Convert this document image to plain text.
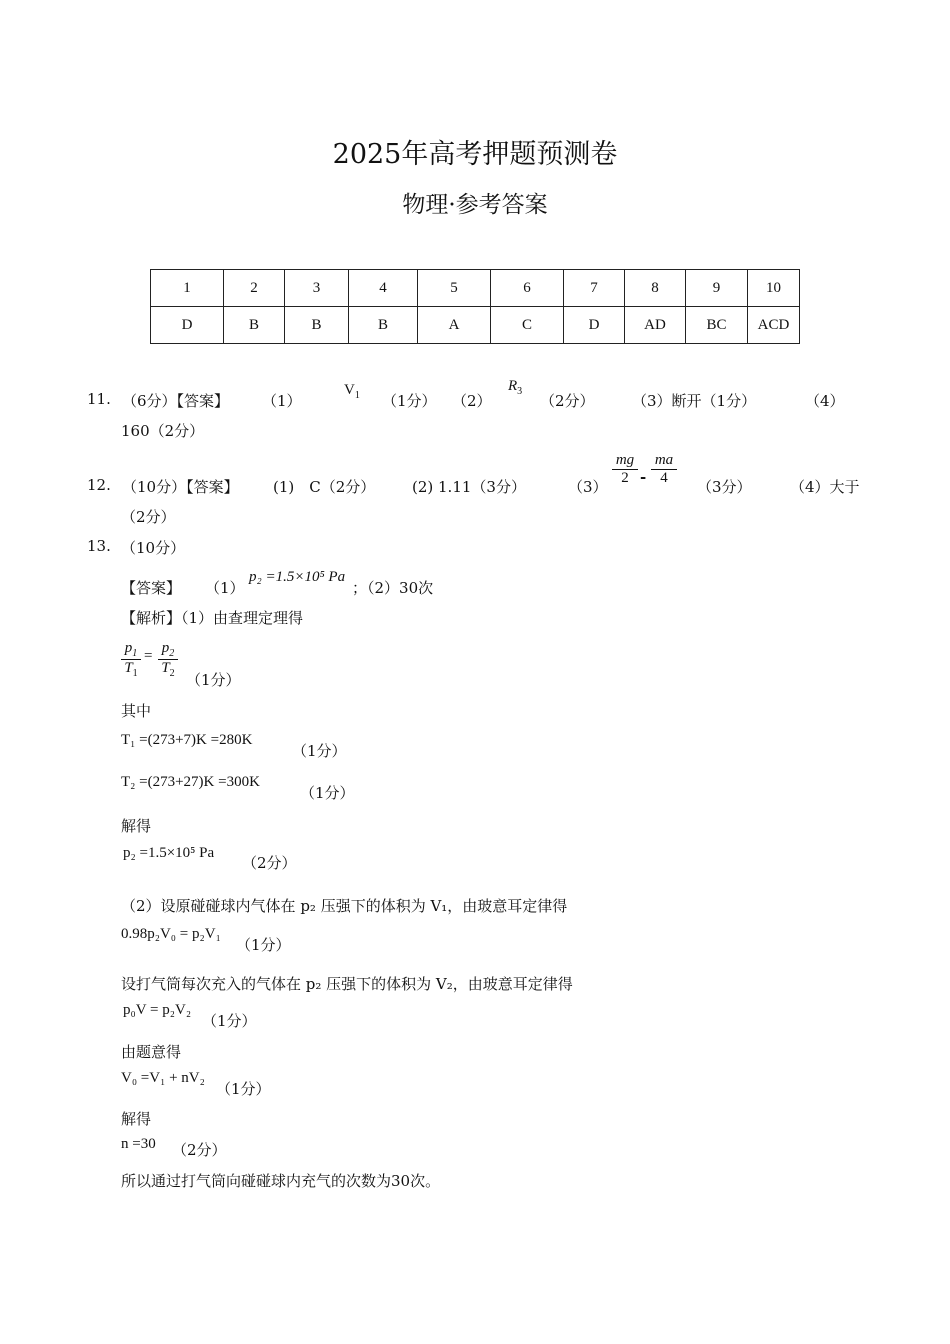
2025年高考押题预测卷
物理·参考答案
1	2	3	4	5	6	7	8	9	10
D	B	B	B	A	C	D	AD	BC	ACD
11. （6分）【答案】 （1）
$V_1$ （1分） （2）
$R_3$
（2分） （3）断开（1分）	（4）
160（2分）
12. （10分）【答案】 (1)　C（2分） (2) 1.11（3分）	$(3) \frac{mg}{2} - \frac{ma}{4} (3$分）	（4）大于
（2分）
13. （10分）
【答案】 （1）
p₂ =1.5×10⁵ Pa
；（2）30次
【解析】（1）由查理定理得
$\frac{p_1}{T_1} = \frac{p_2}{T_2}$
（1分）
其中
T₁ =(273+7)K =280K
（1分）
T₂ =(273+27)K =300K
（1分）
解得
p₂ =1.5×10⁵ Pa
（2分）
（2）设原碰碰球内气体在 p₂ 压强下的体积为 V₁，由玻意耳定律得
0.98p₂V₀ = p₂V₁
（1分）
设打气筒每次充入的气体在 p₂ 压强下的体积为 V₂，由玻意耳定律得
p₀V = p₂V₂
（1分）
由题意得
V₀ =V₁ + nV₂
（1分）
解得
n =30 （2分）
所以通过打气筒向碰碰球内充气的次数为30次。
